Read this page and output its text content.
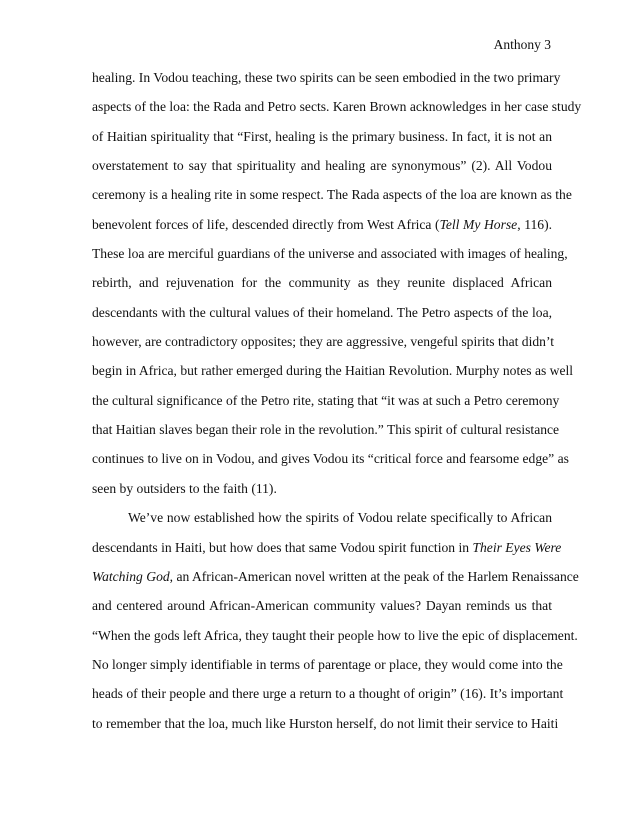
Anthony 3
healing. In Vodou teaching, these two spirits can be seen embodied in the two primary
aspects of the loa: the Rada and Petro sects. Karen Brown acknowledges in her case study
of Haitian spirituality that “First, healing is the primary business. In fact, it is not an
overstatement to say that spirituality and healing are synonymous” (2). All Vodou
ceremony is a healing rite in some respect. The Rada aspects of the loa are known as the
benevolent forces of life, descended directly from West Africa (Tell My Horse, 116).
These loa are merciful guardians of the universe and associated with images of healing,
rebirth, and rejuvenation for the community as they reunite displaced African
descendants with the cultural values of their homeland. The Petro aspects of the loa,
however, are contradictory opposites; they are aggressive, vengeful spirits that didn’t
begin in Africa, but rather emerged during the Haitian Revolution. Murphy notes as well
the cultural significance of the Petro rite, stating that “it was at such a Petro ceremony
that Haitian slaves began their role in the revolution.” This spirit of cultural resistance
continues to live on in Vodou, and gives Vodou its “critical force and fearsome edge” as
seen by outsiders to the faith (11).
We’ve now established how the spirits of Vodou relate specifically to African
descendants in Haiti, but how does that same Vodou spirit function in Their Eyes Were
Watching God, an African-American novel written at the peak of the Harlem Renaissance
and centered around African-American community values? Dayan reminds us that
“When the gods left Africa, they taught their people how to live the epic of displacement.
No longer simply identifiable in terms of parentage or place, they would come into the
heads of their people and there urge a return to a thought of origin” (16). It’s important
to remember that the loa, much like Hurston herself, do not limit their service to Haiti
